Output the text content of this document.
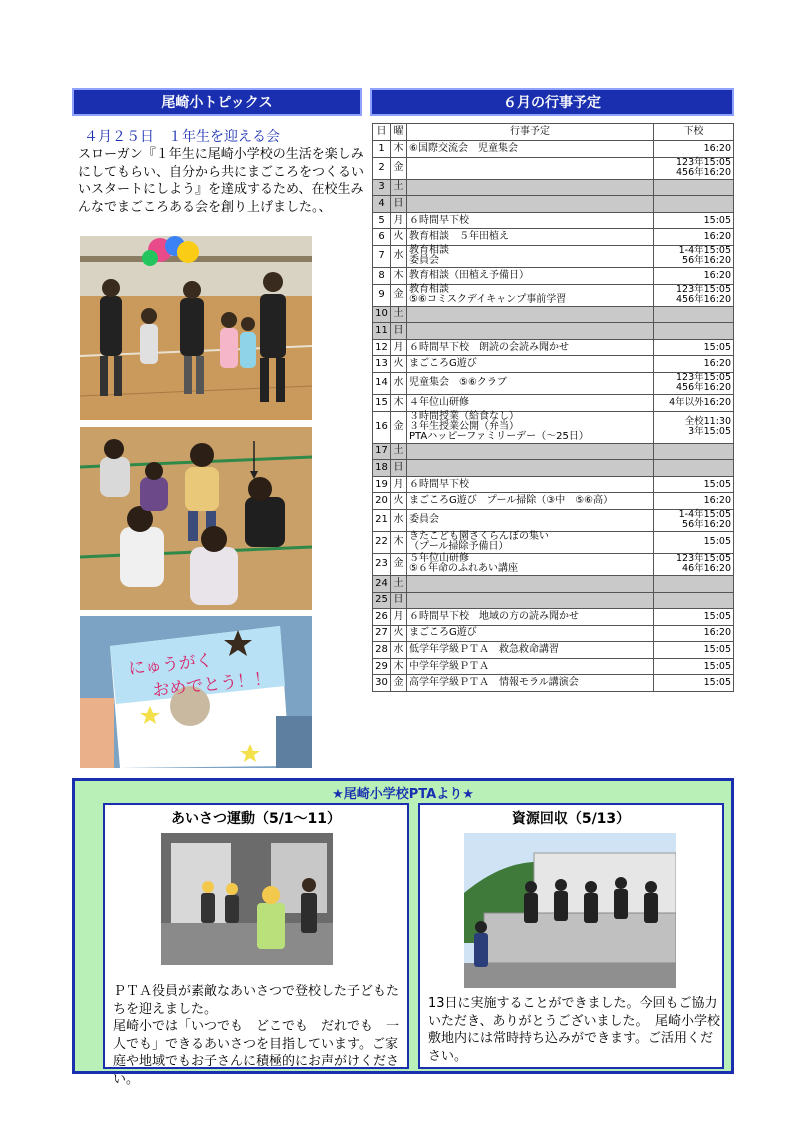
尾崎小トピックス	６月の行事予定
４月２５日　１年生を迎える会
スローガン『１年生に尾崎小学校の生活を楽しみにしてもらい、自分から共にまごころをつくるいいスタートにしよう』を達成するため、在校生みんなでまごころある会を創り上げました。、
にゅうがく
おめでとう！！
日	曜	行事予定	下校
1	木	⑥国際交流会　児童集会	16:20
2	金		123年15:05
456年16:20
3	土		
4	日		
5	月	６時間早下校	15:05
6	火	教育相談　５年田植え	16:20
7	水	教育相談
委員会	1-4年15:05
56年16:20
8	木	教育相談（田植え予備日）	16:20
9	金	教育相談
⑤⑥コミスクデイキャンプ事前学習	123年15:05
456年16:20
10	土		
11	日		
12	月	６時間早下校　朗読の会読み聞かせ	15:05
13	火	まごころG遊び	16:20
14	水	児童集会　⑤⑥クラブ	123年15:05
456年16:20
15	木	４年位山研修	4年以外16:20
16	金	３時間授業（給食なし）
３年生授業公開（弁当）
PTAハッピーファミリーデー（～25日）	全校11:30
3年15:05
17	土		
18	日		
19	月	６時間早下校	15:05
20	火	まごころG遊び　プール掃除（③中　⑤⑥高）	16:20
21	水	委員会	1-4年15:05
56年16:20
22	木	きたこども園さくらんぼの集い
（プール掃除予備日）	15:05
23	金	５年位山研修
⑤６年命のふれあい講座	123年15:05
46年16:20
24	土		
25	日		
26	月	６時間早下校　地域の方の読み聞かせ	15:05
27	火	まごころG遊び	16:20
28	水	低学年学級ＰＴＡ　救急救命講習	15:05
29	木	中学年学級ＰＴＡ	15:05
30	金	高学年学級ＰＴＡ　情報モラル講演会	15:05
★尾崎小学校PTAより★
あいさつ運動（5/1～11）
ＰＴＡ役員が素敵なあいさつで登校した子どもたちを迎えました。
尾崎小では「いつでも　どこでも　だれでも　一人でも」できるあいさつを目指しています。ご家庭や地域でもお子さんに積極的にお声がけください。
資源回収（5/13）
13日に実施することができました。今回もご協力いただき、ありがとうございました。　尾崎小学校敷地内には常時持ち込みができます。ご活用ください。
